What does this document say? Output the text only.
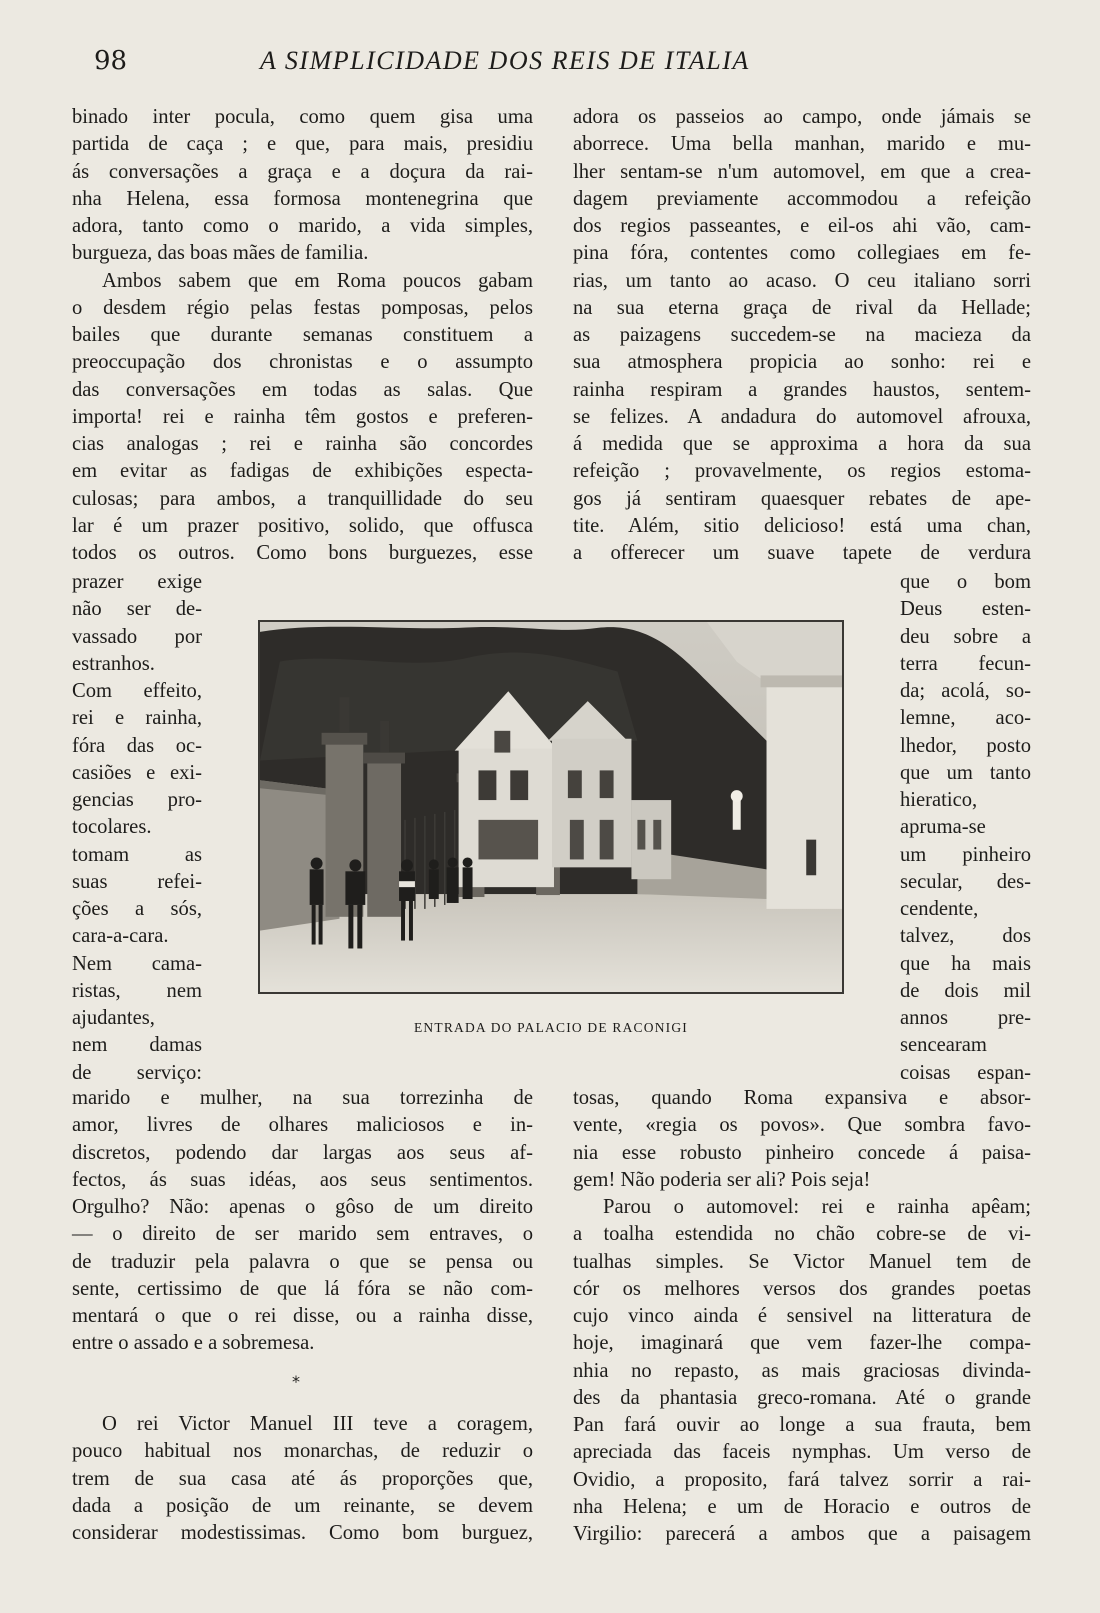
98	A SIMPLICIDADE DOS REIS DE ITALIA
binado inter pocula, como quem gisa uma
partida de caça ; e que, para mais, presidiu
ás conversações a graça e a doçura da rai-
nha Helena, essa formosa montenegrina que
adora, tanto como o marido, a vida simples,
burgueza, das boas mães de familia.
Ambos sabem que em Roma poucos gabam
o desdem régio pelas festas pomposas, pelos
bailes que durante semanas constituem a
preoccupação dos chronistas e o assumpto
das conversações em todas as salas. Que
importa! rei e rainha têm gostos e preferen-
cias analogas ; rei e rainha são concordes
em evitar as fadigas de exhibições especta-
culosas; para ambos, a tranquillidade do seu
lar é um prazer positivo, solido, que offusca
todos os outros. Como bons burguezes, esse
prazer exige
não ser de-
vassado por
estranhos.
Com effeito,
rei e rainha,
fóra das oc-
casiões e exi-
gencias pro-
tocolares.
tomam as
suas refei-
ções a sós,
cara-a-cara.
Nem cama-
ristas, nem
ajudantes,
nem damas
de serviço:
marido e mulher, na sua torrezinha de
amor, livres de olhares maliciosos e in-
discretos, podendo dar largas aos seus af-
fectos, ás suas idéas, aos seus sentimentos.
Orgulho? Não: apenas o gôso de um direito
— o direito de ser marido sem entraves, o
de traduzir pela palavra o que se pensa ou
sente, certissimo de que lá fóra se não com-
mentará o que o rei disse, ou a rainha disse,
entre o assado e a sobremesa.
*
O rei Victor Manuel III teve a coragem,
pouco habitual nos monarchas, de reduzir o
trem de sua casa até ás proporções que,
dada a posição de um reinante, se devem
considerar modestissimas. Como bom burguez,
adora os passeios ao campo, onde jámais se
aborrece. Uma bella manhan, marido e mu-
lher sentam-se n'um automovel, em que a crea-
dagem previamente accommodou a refeição
dos regios passeantes, e eil-os ahi vão, cam-
pina fóra, contentes como collegiaes em fe-
rias, um tanto ao acaso. O ceu italiano sorri
na sua eterna graça de rival da Hellade;
as paizagens succedem-se na macieza da
sua atmosphera propicia ao sonho: rei e
rainha respiram a grandes haustos, sentem-
se felizes. A andadura do automovel afrouxa,
á medida que se approxima a hora da sua
refeição ; provavelmente, os regios estoma-
gos já sentiram quaesquer rebates de ape-
tite. Além, sitio delicioso! está uma chan,
a offerecer um suave tapete de verdura
que o bom
Deus esten-
deu sobre a
terra fecun-
da; acolá, so-
lemne, aco-
lhedor, posto
que um tanto
hieratico,
apruma-se
um pinheiro
secular, des-
cendente,
talvez, dos
que ha mais
de dois mil
annos pre-
sencearam
coisas espan-
tosas, quando Roma expansiva e absor-
vente, «regia os povos». Que sombra favo-
nia esse robusto pinheiro concede á paisa-
gem! Não poderia ser ali? Pois seja!
Parou o automovel: rei e rainha apêam;
a toalha estendida no chão cobre-se de vi-
tualhas simples. Se Victor Manuel tem de
cór os melhores versos dos grandes poetas
cujo vinco ainda é sensivel na litteratura de
hoje, imaginará que vem fazer-lhe compa-
nhia no repasto, as mais graciosas divinda-
des da phantasia greco-romana. Até o grande
Pan fará ouvir ao longe a sua frauta, bem
apreciada das faceis nymphas. Um verso de
Ovidio, a proposito, fará talvez sorrir a rai-
nha Helena; e um de Horacio e outros de
Virgilio: parecerá a ambos que a paisagem
ENTRADA DO PALACIO DE RACONIGI
